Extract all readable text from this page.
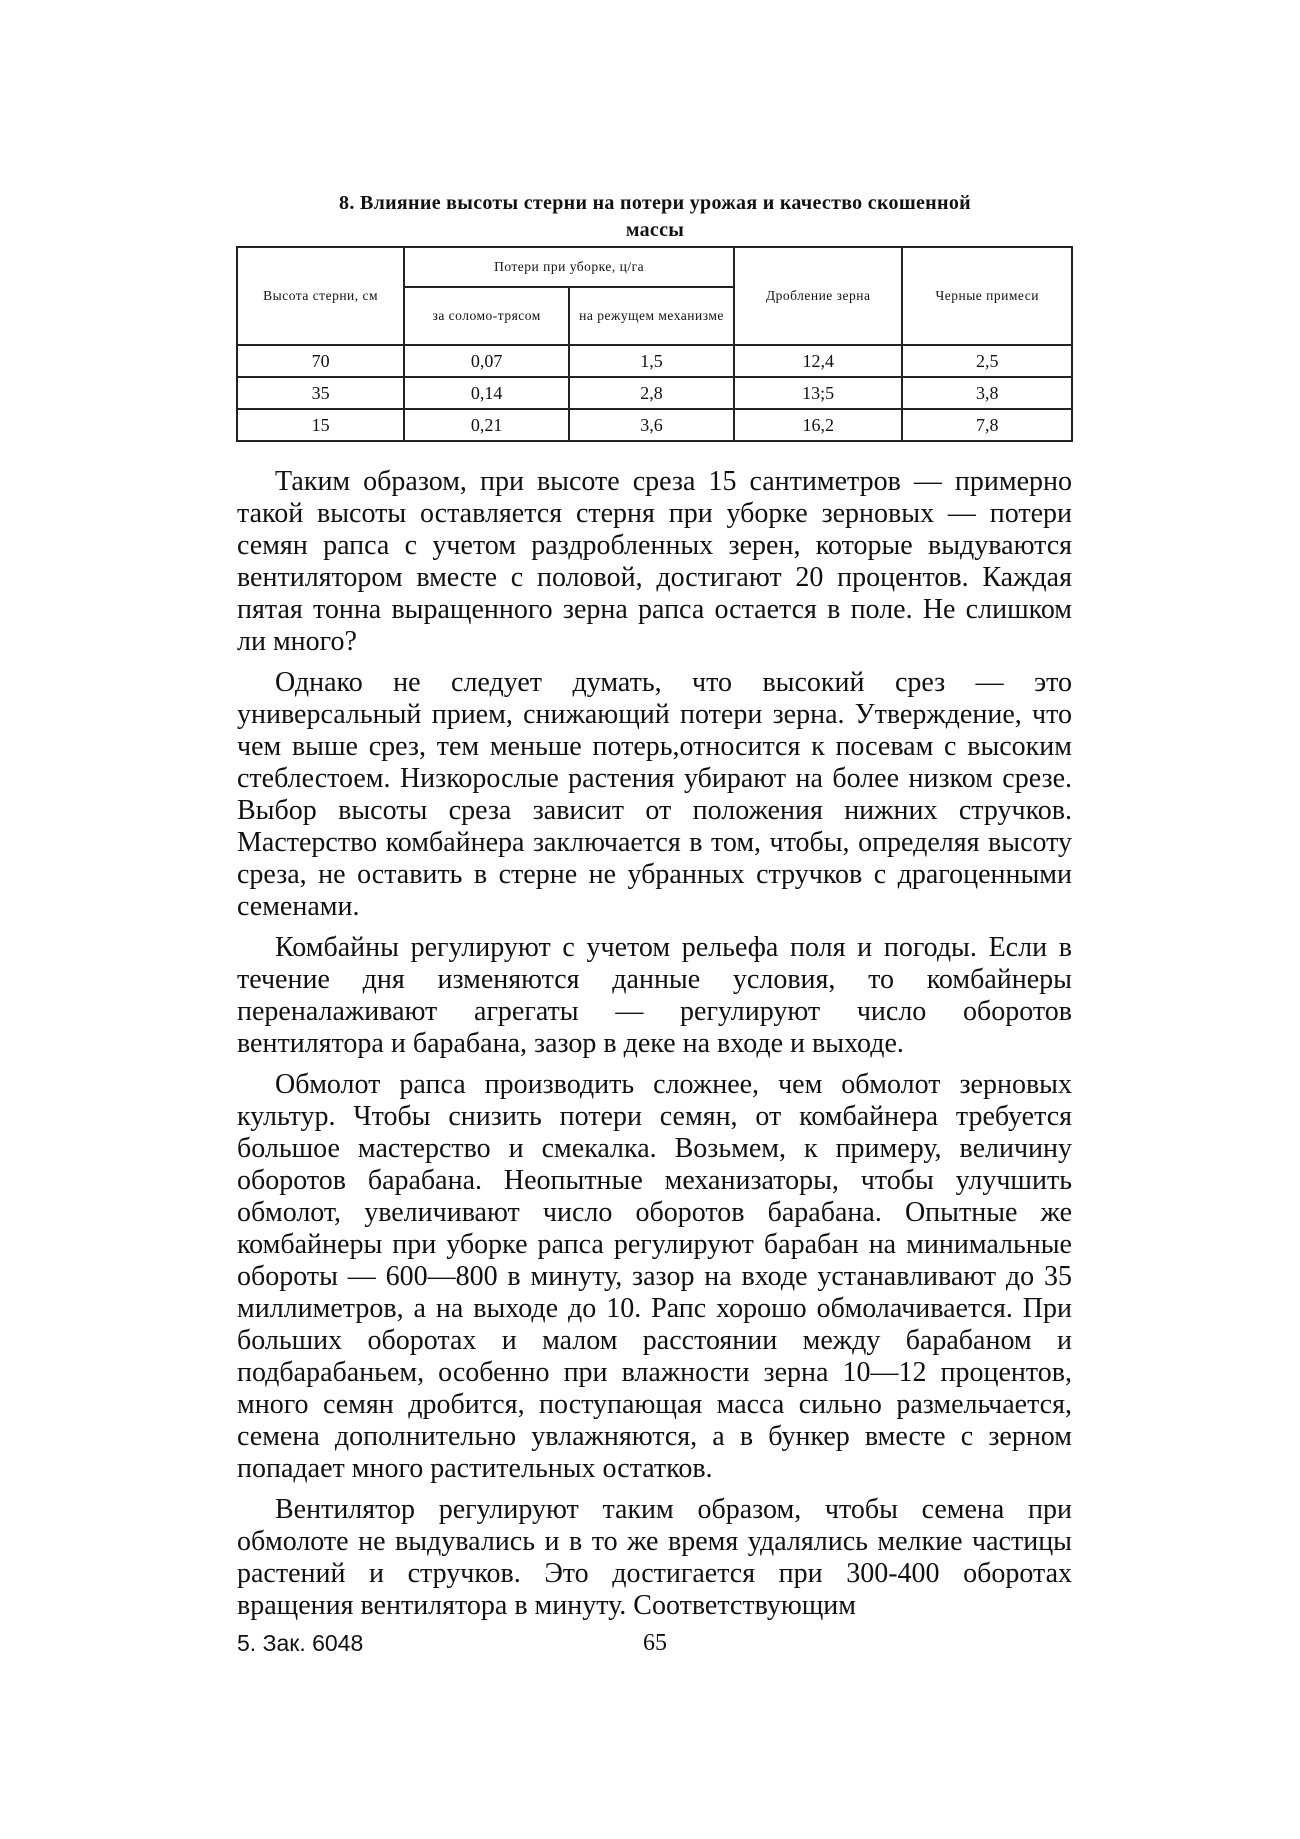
8. Влияние высоты стерни на потери урожая и качество скошенной
массы
Высота стерни, см	Потери при уборке, ц/га		Дробление зерна	Черные примеси
	за соломо-трясом	на режущем механизме		
70	0,07	1,5	12,4	2,5
35	0,14	2,8	13;5	3,8
15	0,21	3,6	16,2	7,8

Таким образом, при высоте среза 15 сантиметров — примерно такой высоты оставляется стерня при уборке зерновых — потери семян рапса с учетом раздробленных зерен, которые выдуваются вентилятором вместе с половой, достигают 20 процентов. Каждая пятая тонна выращенного зерна рапса остается в поле. Не слишком ли много?

Однако не следует думать, что высокий срез — это универсальный прием, снижающий потери зерна. Утверждение, что чем выше срез, тем меньше потерь,относится к посевам с высоким стеблестоем. Низкорослые растения убирают на более низком срезе. Выбор высоты среза зависит от положения нижних стручков. Мастерство комбайнера заключается в том, чтобы, определяя высоту среза, не оставить в стерне не убранных стручков с драгоценными семенами.

Комбайны регулируют с учетом рельефа поля и погоды. Если в течение дня изменяются данные условия, то комбайнеры переналаживают агрегаты — регулируют число оборотов вентилятора и барабана, зазор в деке на входе и выходе.

Обмолот рапса производить сложнее, чем обмолот зерновых культур. Чтобы снизить потери семян, от комбайнера требуется большое мастерство и смекалка. Возьмем, к примеру, величину оборотов барабана. Неопытные механизаторы, чтобы улучшить обмолот, увеличивают число оборотов барабана. Опытные же комбайнеры при уборке рапса регулируют барабан на минимальные обороты — 600—800 в минуту, зазор на входе устанавливают до 35 миллиметров, а на выходе до 10. Рапс хорошо обмолачивается. При больших оборотах и малом расстоянии между барабаном и подбарабаньем, особенно при влажности зерна 10—12 процентов, много семян дробится, поступающая масса сильно размельчается, семена дополнительно увлажняются, а в бункер вместе с зерном попадает много растительных остатков.

Вентилятор регулируют таким образом, чтобы семена при обмолоте не выдувались и в то же время удалялись мелкие частицы растений и стручков. Это достигается при 300-400 оборотах вращения вентилятора в минуту. Соответствующим

5. Зак. 6048	65
